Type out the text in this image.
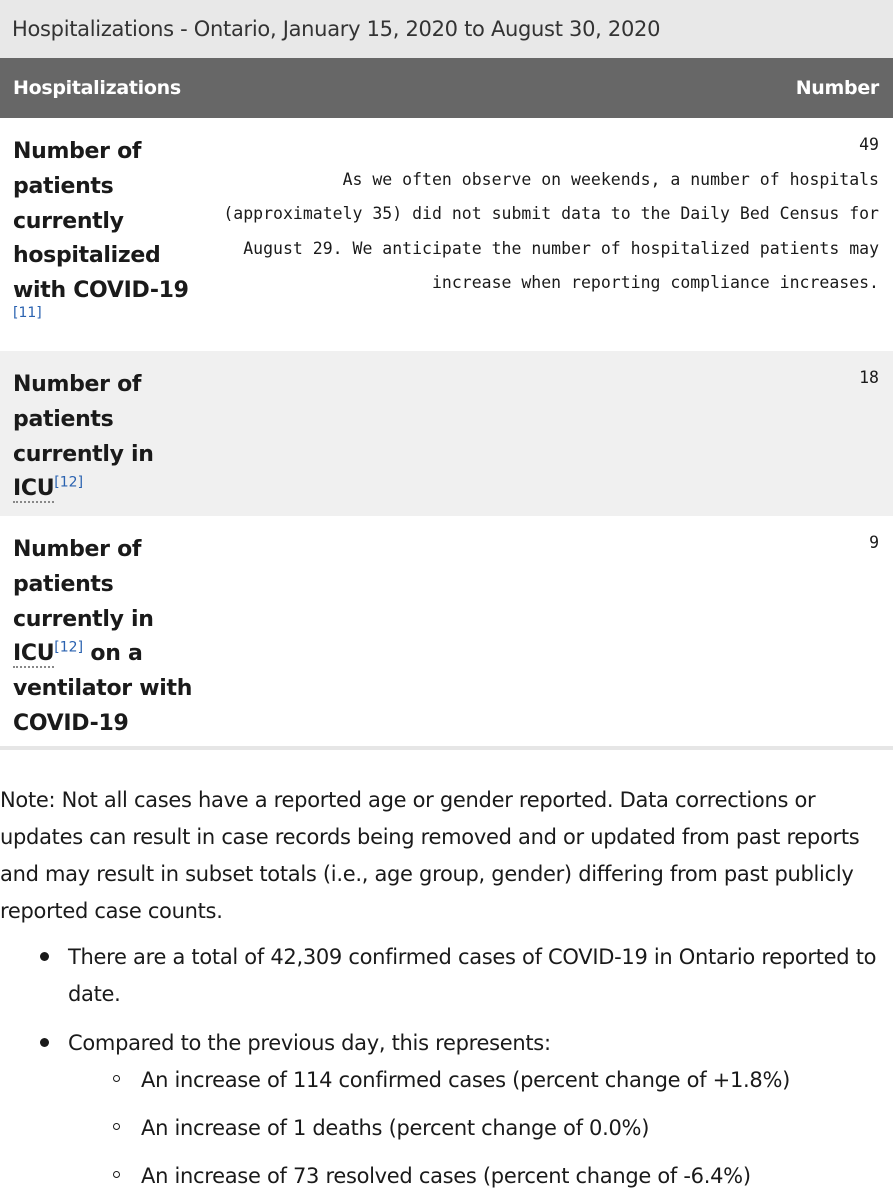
Hospitalizations - Ontario, January 15, 2020 to August 30, 2020
Hospitalizations	Number
Number of patients currently hospitalized with COVID-19
[11]
49
As we often observe on weekends, a number of hospitals (approximately 35) did not submit data to the Daily Bed Census for August 29. We anticipate the number of hospitalized patients may increase when reporting compliance increases.
Number of patients currently in ICU[12]
18
Number of patients currently in ICU[12] on a ventilator with COVID-19
9

Note: Not all cases have a reported age or gender reported. Data corrections or updates can result in case records being removed and or updated from past reports and may result in subset totals (i.e., age group, gender) differing from past publicly reported case counts.

There are a total of 42,309 confirmed cases of COVID-19 in Ontario reported to date.
Compared to the previous day, this represents:
An increase of 114 confirmed cases (percent change of +1.8%)
An increase of 1 deaths (percent change of 0.0%)
An increase of 73 resolved cases (percent change of -6.4%)
